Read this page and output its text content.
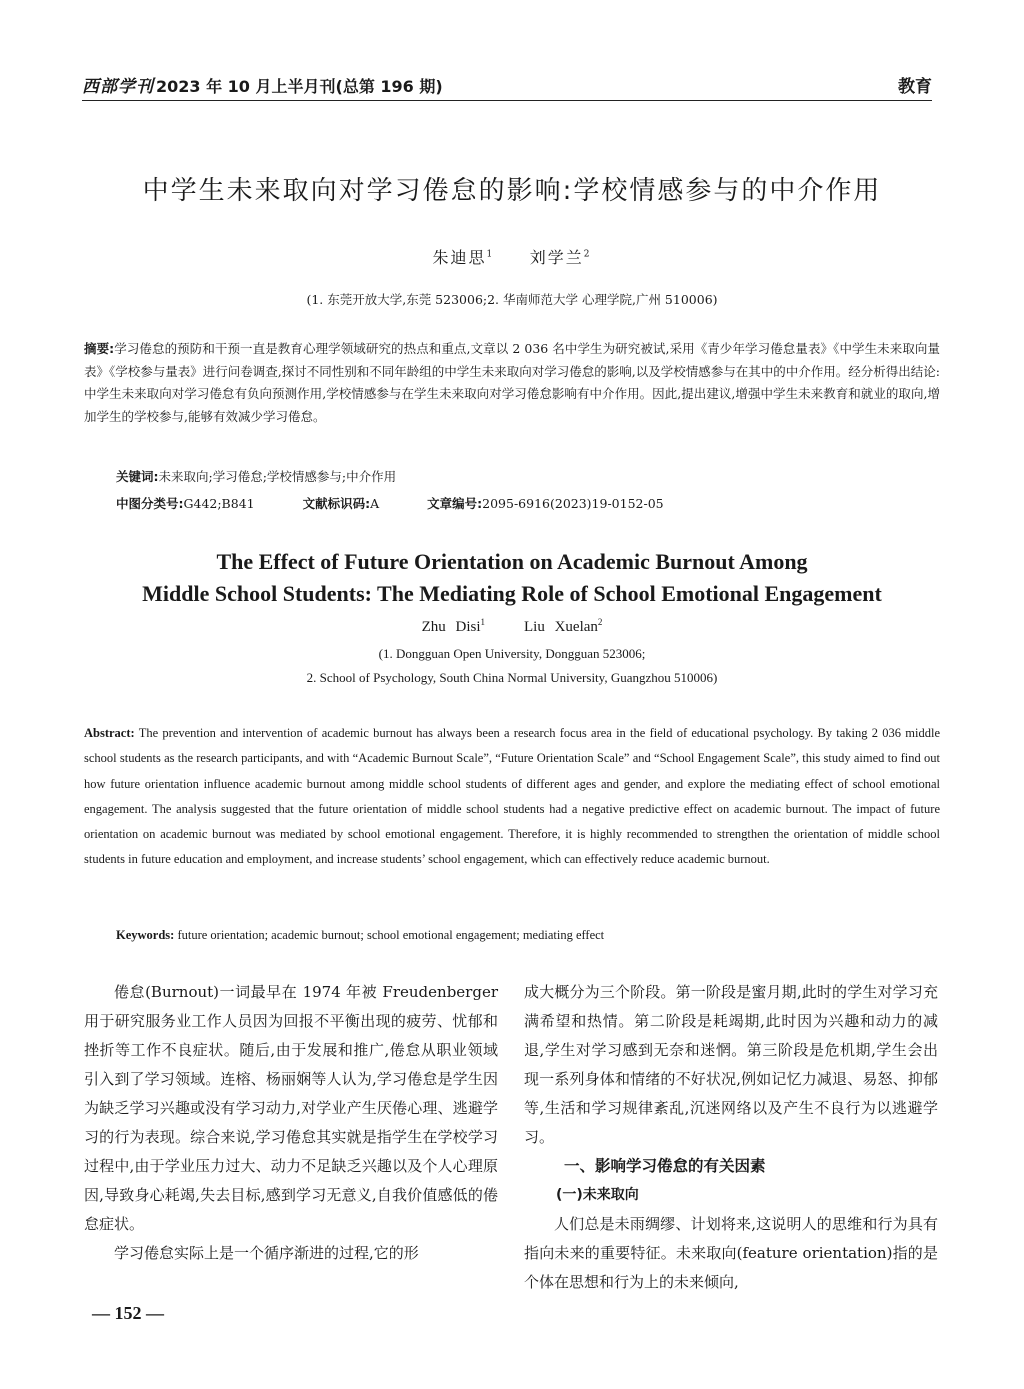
西部学刊 2023 年 10 月上半月刊(总第 196 期)	教育
中学生未来取向对学习倦怠的影响:学校情感参与的中介作用
朱迪思$^1$ 刘学兰$^2$
(1. 东莞开放大学,东莞 523006;2. 华南师范大学 心理学院,广州 510006)
摘要:学习倦怠的预防和干预一直是教育心理学领域研究的热点和重点,文章以 2 036 名中学生为研究被试,采用《青少年学习倦怠量表》《中学生未来取向量表》《学校参与量表》进行问卷调查,探讨不同性别和不同年龄组的中学生未来取向对学习倦怠的影响,以及学校情感参与在其中的中介作用。经分析得出结论:中学生未来取向对学习倦怠有负向预测作用,学校情感参与在学生未来取向对学习倦怠影响有中介作用。因此,提出建议,增强中学生未来教育和就业的取向,增加学生的学校参与,能够有效减少学习倦怠。
关键词:未来取向;学习倦怠;学校情感参与;中介作用
中图分类号:G442;B841	文献标识码:A	文章编号:2095-6916(2023)19-0152-05
The Effect of Future Orientation on Academic Burnout Among
Middle School Students: The Mediating Role of School Emotional Engagement
Zhu Disi$^1$	Liu Xuelan$^2$
(1. Dongguan Open University, Dongguan 523006;
2. School of Psychology, South China Normal University, Guangzhou 510006)
Abstract: The prevention and intervention of academic burnout has always been a research focus area in the field of educational psychology. By taking 2 036 middle school students as the research participants, and with “Academic Burnout Scale”, “Future Orientation Scale” and “School Engagement Scale”, this study aimed to find out how future orientation influence academic burnout among middle school students of different ages and gender, and explore the mediating effect of school emotional engagement. The analysis suggested that the future orientation of middle school students had a negative predictive effect on academic burnout. The impact of future orientation on academic burnout was mediated by school emotional engagement. Therefore, it is highly recommended to strengthen the orientation of middle school students in future education and employment, and increase students’ school engagement, which can effectively reduce academic burnout.
Keywords: future orientation; academic burnout; school emotional engagement; mediating effect

倦怠(Burnout)一词最早在 1974 年被 Freudenberger 用于研究服务业工作人员因为回报不平衡出现的疲劳、忧郁和挫折等工作不良症状。随后,由于发展和推广,倦怠从职业领域引入到了学习领域。连榕、杨丽娴等人认为,学习倦怠是学生因为缺乏学习兴趣或没有学习动力,对学业产生厌倦心理、逃避学习的行为表现。综合来说,学习倦怠其实就是指学生在学校学习过程中,由于学业压力过大、动力不足缺乏兴趣以及个人心理原因,导致身心耗竭,失去目标,感到学习无意义,自我价值感低的倦怠症状。

学习倦怠实际上是一个循序渐进的过程,它的形

成大概分为三个阶段。第一阶段是蜜月期,此时的学生对学习充满希望和热情。第二阶段是耗竭期,此时因为兴趣和动力的减退,学生对学习感到无奈和迷惘。第三阶段是危机期,学生会出现一系列身体和情绪的不好状况,例如记忆力减退、易怒、抑郁等,生活和学习规律紊乱,沉迷网络以及产生不良行为以逃避学习。

一、影响学习倦怠的有关因素
(一)未来取向

人们总是未雨绸缪、计划将来,这说明人的思维和行为具有指向未来的重要特征。未来取向(feature orientation)指的是个体在思想和行为上的未来倾向,

— 152 —
